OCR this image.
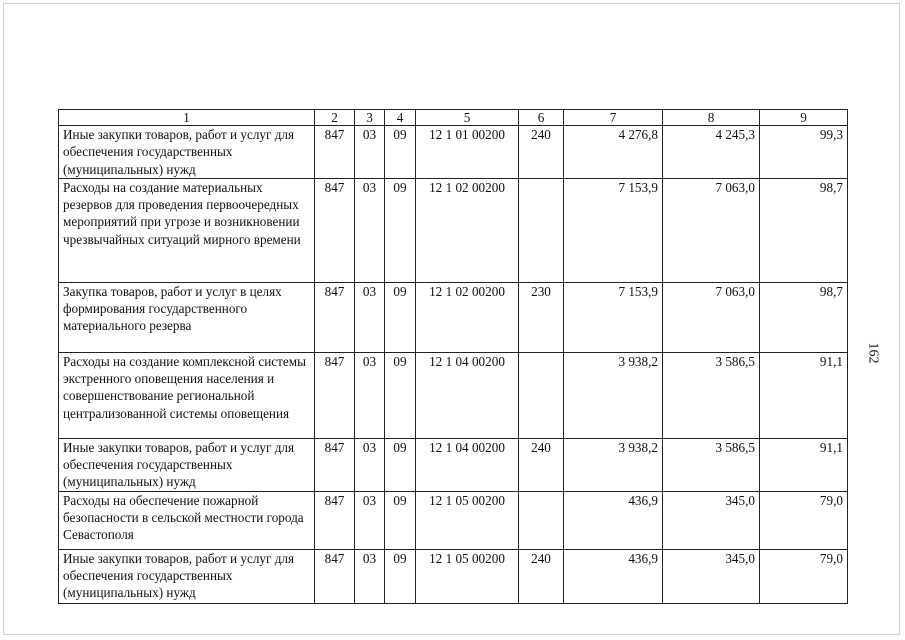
162
1	2	3	4	5	6	7	8	9
Иные закупки товаров, работ и услуг для обеспечения государственных (муниципальных) нужд	847	03	09	12 1 01 00200	240	4 276,8	4 245,3	99,3
Расходы на создание материальных резервов для проведения первоочередных мероприятий при угрозе и возникновении чрезвычайных ситуаций мирного времени	847	03	09	12 1 02 00200		7 153,9	7 063,0	98,7
Закупка товаров, работ и услуг в целях формирования государственного материального резерва	847	03	09	12 1 02 00200	230	7 153,9	7 063,0	98,7
Расходы на создание комплексной системы экстренного оповещения населения и совершенствование региональной централизованной системы оповещения	847	03	09	12 1 04 00200		3 938,2	3 586,5	91,1
Иные закупки товаров, работ и услуг для обеспечения государственных (муниципальных) нужд	847	03	09	12 1 04 00200	240	3 938,2	3 586,5	91,1
Расходы на обеспечение пожарной безопасности в сельской местности города Севастополя	847	03	09	12 1 05 00200		436,9	345,0	79,0
Иные закупки товаров, работ и услуг для обеспечения государственных (муниципальных) нужд	847	03	09	12 1 05 00200	240	436,9	345,0	79,0
